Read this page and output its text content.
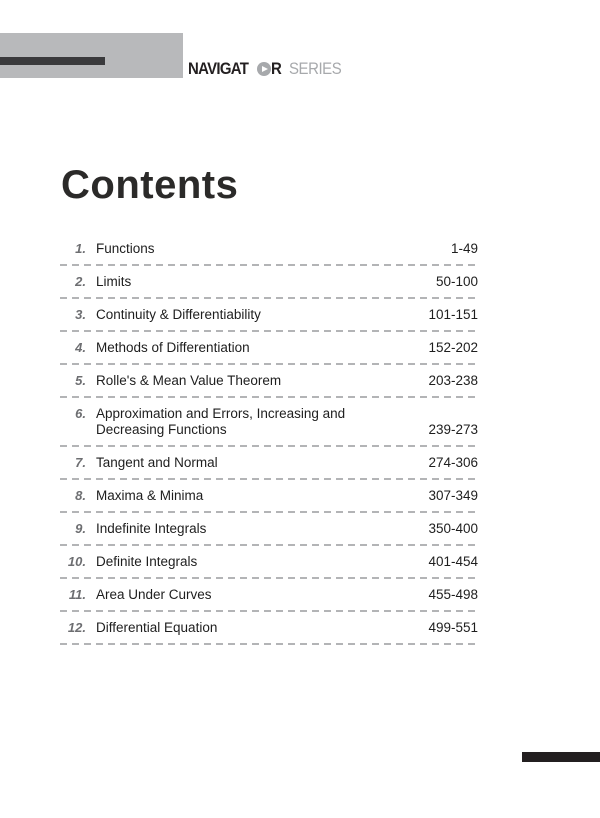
NAVIGAT R SERIES
Contents
1. Functions	1-49
2. Limits	50-100
3. Continuity & Differentiability	101-151
4. Methods of Differentiation	152-202
5. Rolle's & Mean Value Theorem	203-238
6. Approximation and Errors, Increasing and Decreasing Functions	239-273
7. Tangent and Normal	274-306
8. Maxima & Minima	307-349
9. Indefinite Integrals	350-400
10. Definite Integrals	401-454
11. Area Under Curves	455-498
12. Differential Equation	499-551
